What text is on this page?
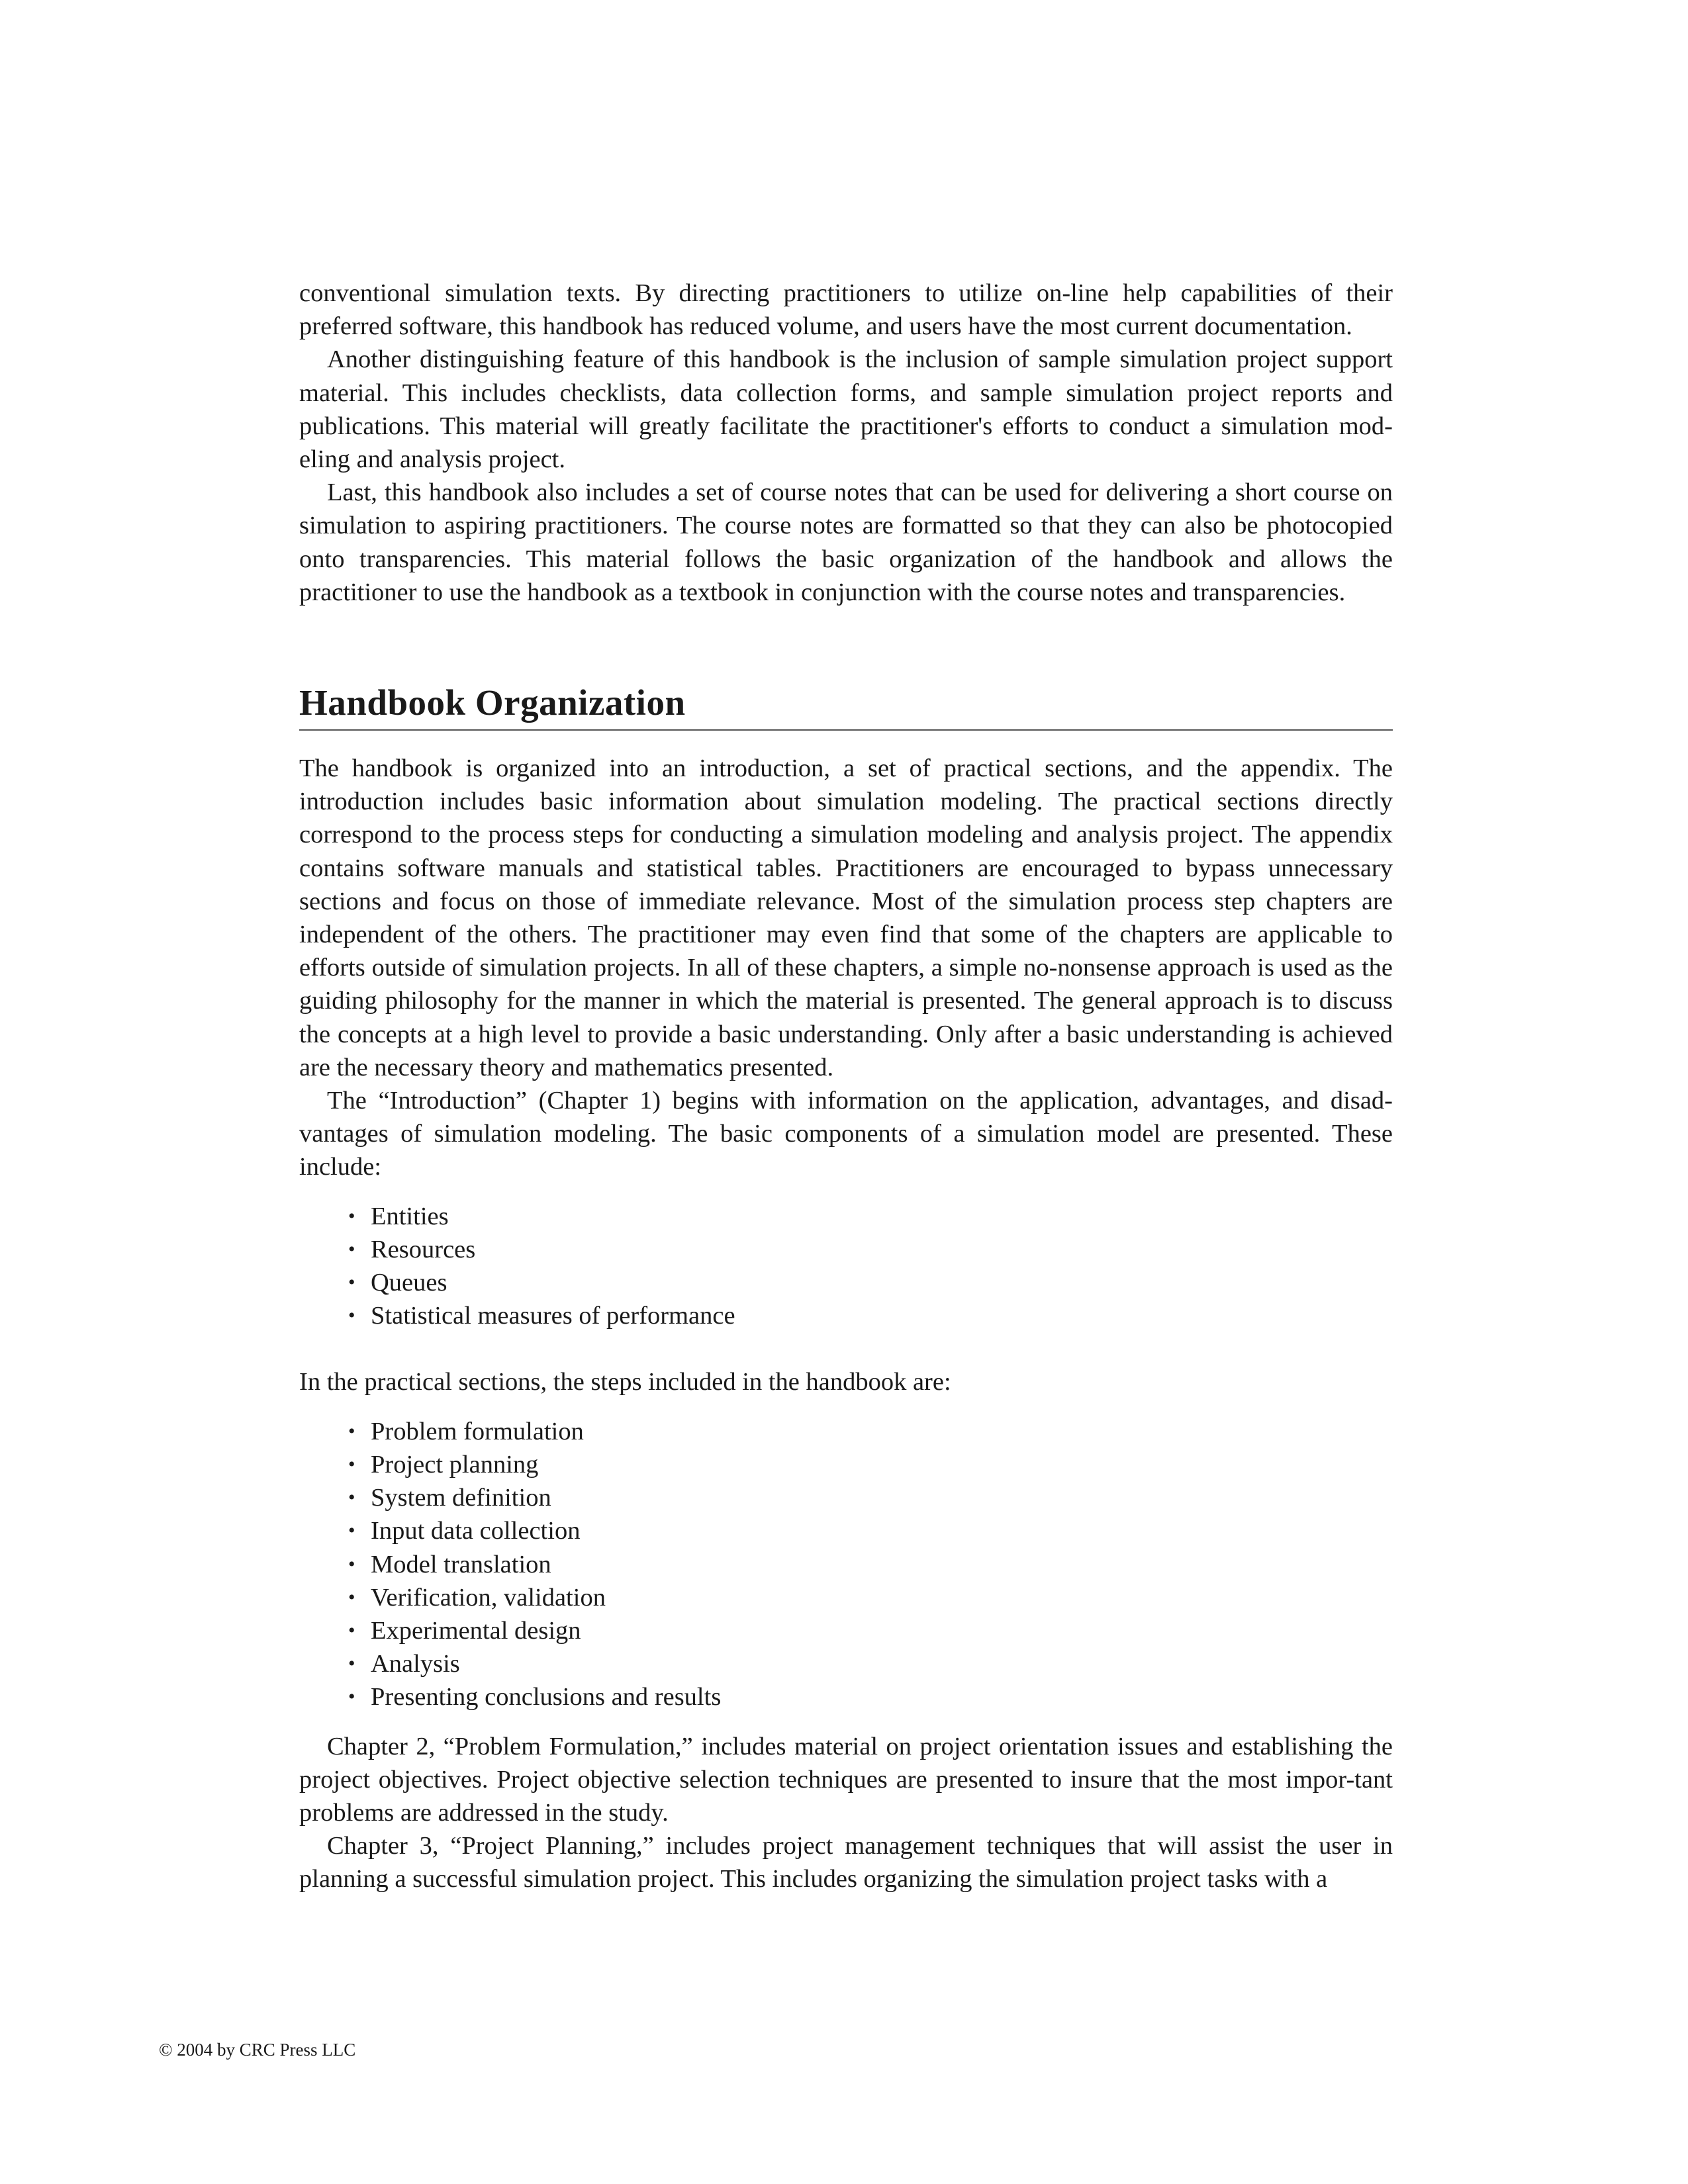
conventional simulation texts. By directing practitioners to utilize on-line help capabilities of their preferred software, this handbook has reduced volume, and users have the most current documentation.

Another distinguishing feature of this handbook is the inclusion of sample simulation project support material. This includes checklists, data collection forms, and sample simulation project reports and publications. This material will greatly facilitate the practitioner's efforts to conduct a simulation mod-eling and analysis project.

Last, this handbook also includes a set of course notes that can be used for delivering a short course on simulation to aspiring practitioners. The course notes are formatted so that they can also be photocopied onto transparencies. This material follows the basic organization of the handbook and allows the practitioner to use the handbook as a textbook in conjunction with the course notes and transparencies.

Handbook Organization

The handbook is organized into an introduction, a set of practical sections, and the appendix. The introduction includes basic information about simulation modeling. The practical sections directly correspond to the process steps for conducting a simulation modeling and analysis project. The appendix contains software manuals and statistical tables. Practitioners are encouraged to bypass unnecessary sections and focus on those of immediate relevance. Most of the simulation process step chapters are independent of the others. The practitioner may even find that some of the chapters are applicable to efforts outside of simulation projects. In all of these chapters, a simple no-nonsense approach is used as the guiding philosophy for the manner in which the material is presented. The general approach is to discuss the concepts at a high level to provide a basic understanding. Only after a basic understanding is achieved are the necessary theory and mathematics presented.

The “Introduction” (Chapter 1) begins with information on the application, advantages, and disad-vantages of simulation modeling. The basic components of a simulation model are presented. These include:

• Entities
• Resources
• Queues
• Statistical measures of performance

In the practical sections, the steps included in the handbook are:

• Problem formulation
• Project planning
• System definition
• Input data collection
• Model translation
• Verification, validation
• Experimental design
• Analysis
• Presenting conclusions and results

Chapter 2, “Problem Formulation,” includes material on project orientation issues and establishing the project objectives. Project objective selection techniques are presented to insure that the most impor-tant problems are addressed in the study.

Chapter 3, “Project Planning,” includes project management techniques that will assist the user in planning a successful simulation project. This includes organizing the simulation project tasks with a

© 2004 by CRC Press LLC
